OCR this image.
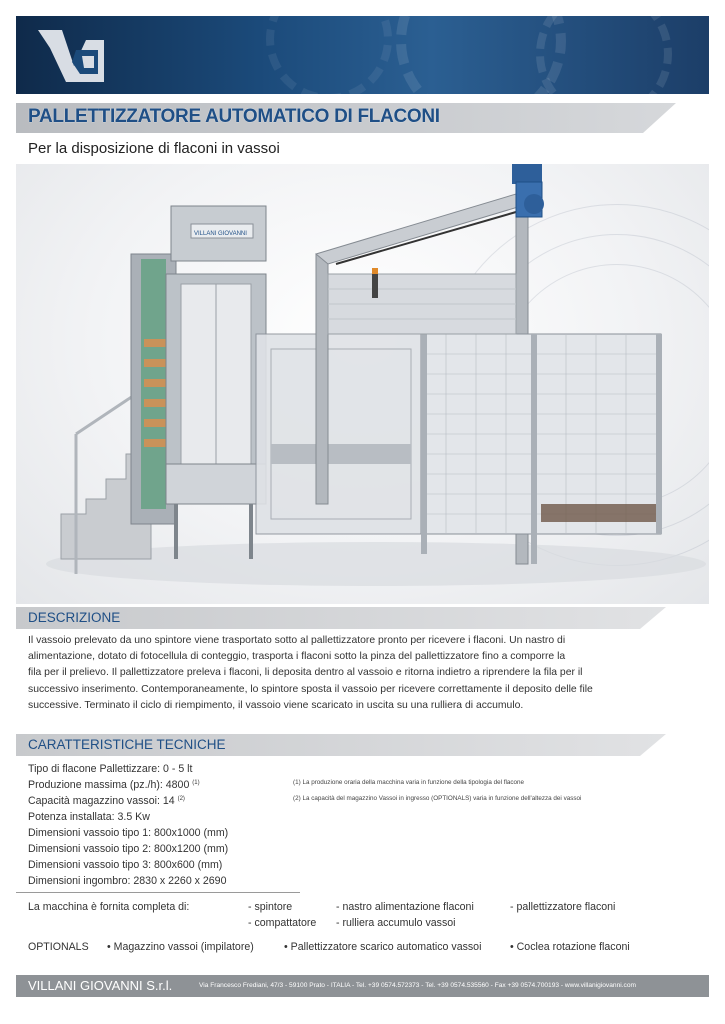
PALLETTIZZATORE AUTOMATICO DI FLACONI
Per la disposizione di flaconi in vassoi
VILLANI GIOVANNI
DESCRIZIONE
Il vassoio prelevato da uno spintore viene trasportato sotto al pallettizzatore pronto per ricevere i flaconi. Un nastro di
alimentazione, dotato di fotocellula di conteggio, trasporta i flaconi sotto la pinza del pallettizzatore fino a comporre la
fila per il prelievo. Il pallettizzatore preleva i flaconi, li deposita dentro al vassoio e ritorna indietro a riprendere la fila per il
successivo inserimento. Contemporaneamente, lo spintore sposta il vassoio per ricevere correttamente il deposito delle file
successive. Terminato il ciclo di riempimento, il vassoio viene scaricato in uscita su una rulliera di accumulo.
CARATTERISTICHE TECNICHE
Tipo di flacone Pallettizzare: 0 - 5 lt
Produzione massima (pz./h): 4800 $^{(1)}$
Capacità magazzino vassoi: 14 $^{(2)}$
Potenza installata: 3.5 Kw
Dimensioni vassoio tipo 1: 800x1000 (mm)
Dimensioni vassoio tipo 2: 800x1200 (mm)
Dimensioni vassoio tipo 3: 800x600 (mm)
Dimensioni ingombro: 2830 x 2260 x 2690
(1) La produzione oraria della macchina varia in funzione della tipologia del flacone
(2) La capacità del magazzino Vassoi in ingresso (OPTIONALS) varia in funzione dell'altezza dei vassoi
La macchina è fornita completa di:	- spintore	- nastro alimentazione flaconi	- pallettizzatore flaconi
- compattatore - rulliera accumulo vassoi
OPTIONALS • Magazzino vassoi (impilatore)	• Pallettizzatore scarico automatico vassoi	• Coclea rotazione flaconi
VILLANI GIOVANNI S.r.l.	Via Francesco Frediani, 47/3 - 59100 Prato - ITALIA - Tel. +39 0574.572373 - Tel. +39 0574.535560 - Fax +39 0574.700193 - www.villanigiovanni.com
